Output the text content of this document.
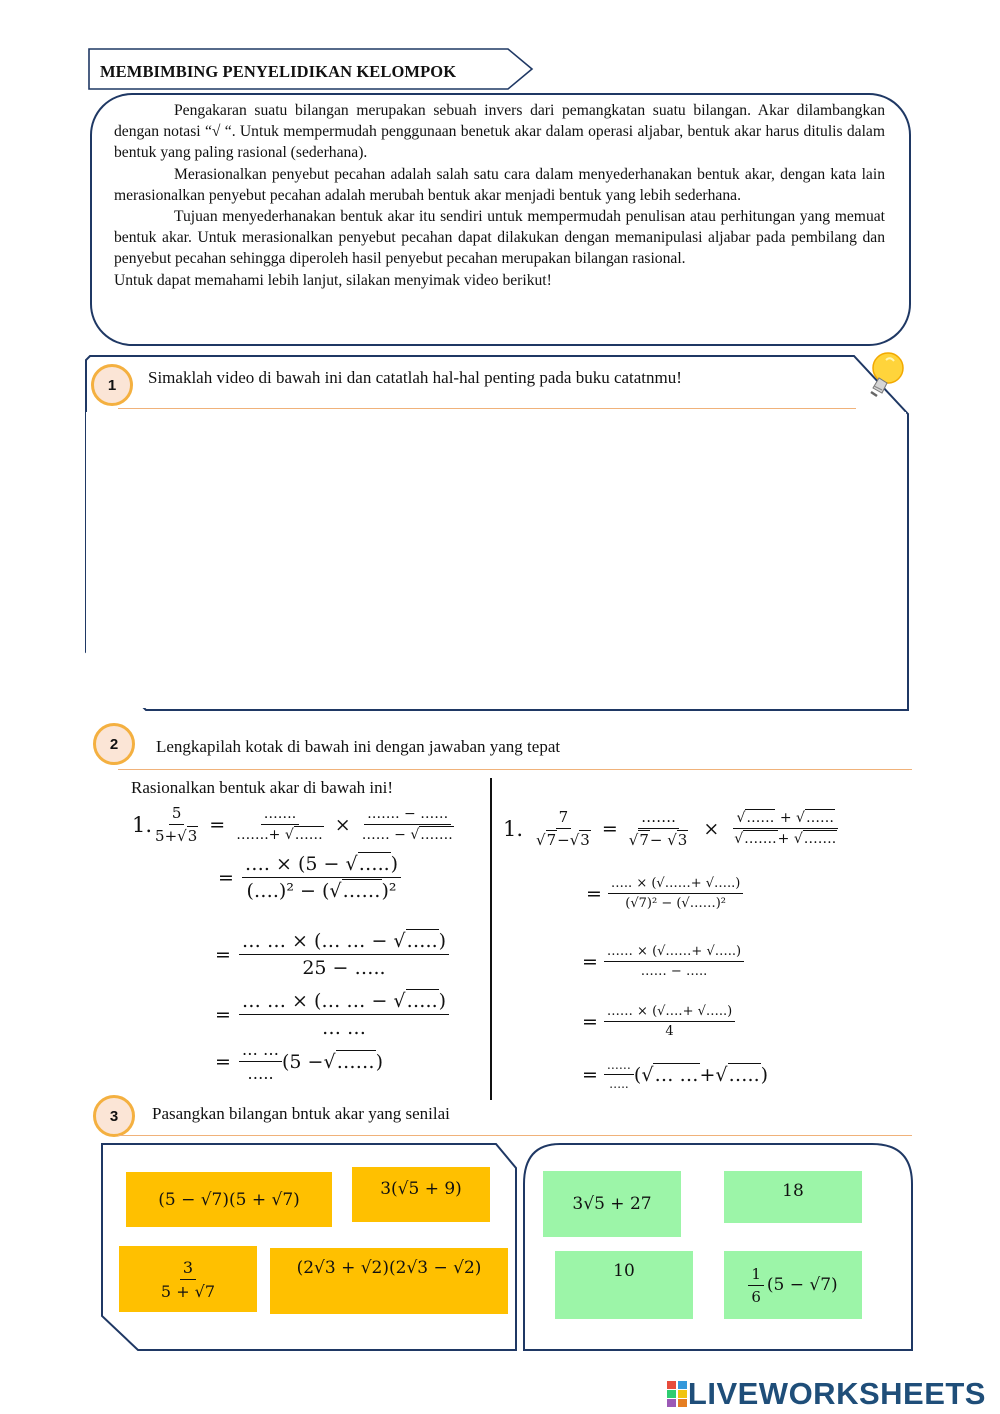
MEMBIMBING PENYELIDIKAN KELOMPOK

Pengakaran suatu bilangan merupakan sebuah invers dari pemangkatan suatu bilangan. Akar dilambangkan dengan notasi “√ “. Untuk mempermudah penggunaan benetuk akar dalam operasi aljabar, bentuk akar harus ditulis dalam bentuk yang paling rasional (sederhana).

Merasionalkan penyebut pecahan adalah salah satu cara dalam menyederhanakan bentuk akar, dengan kata lain merasionalkan penyebut pecahan adalah merubah bentuk akar menjadi bentuk yang lebih sederhana.

Tujuan menyederhanakan bentuk akar itu sendiri untuk mempermudah penulisan atau perhitungan yang memuat bentuk akar. Untuk merasionalkan penyebut pecahan dapat dilakukan dengan memanipulasi aljabar pada pembilang dan penyebut pecahan sehingga diperoleh hasil penyebut pecahan merupakan bilangan rasional.

Untuk dapat memahami lebih lanjut, silakan menyimak video berikut!

1	Simaklah video di bawah ini dan catatlah hal-hal penting pada buku catatnmu!
2	Lengkapilah kotak di bawah ini dengan jawaban yang tepat
Rasionalkan bentuk akar di bawah ini!
1. $\frac{5}{5+√3} = \frac{\dots\dots.}{\dots\dots.+ √\dots\dots} \times \frac{\dots\dots. - \dots\dots}{\dots\dots - √\dots\dots.}$
= $\frac{\dots. \times (5 - √\dots..)}{\text{(….)² − (√……)²}}$
= $\frac{\dots \dots \times (\dots \dots - √\dots..)}{25 - \dots..}$
= $\frac{\dots \dots \times (\dots \dots - √\dots..)}{\dots \dots}$
= $\frac{\dots \dots}{\dots..} (5$ − √ …… )
1. $\frac{7}{√7-√3} = \frac{\dots\dots.}{√7- √3} \times \frac{√\dots\dots + √\dots\dots}{√\dots\dots.+ √\dots\dots.}$
= $\frac{\dots.. \times (√\dots\dots+ √\dots..)}{\text{(√7)² − (√……)²}}$
= $\frac{\dots\dots \times (√\dots\dots+ √\dots..)}{\dots\dots - \dots..}$
= $\frac{\dots\dots \times (√\dots.+ √\dots..)}{4}$
= $\frac{\dots\dots}{\dots..}$ ( √ … … + √ ….. )
3	Pasangkan bilangan bntuk akar yang senilai
(5 − √7)(5 + √7)
3(√5 + 9)
$\frac{3}{5 + √7}$	(2√3 + √2)(2√3 − √2)
3√5 + 27
18
10	$\frac{1}{6} (5 - √7)$
LIVEWORKSHEETS
